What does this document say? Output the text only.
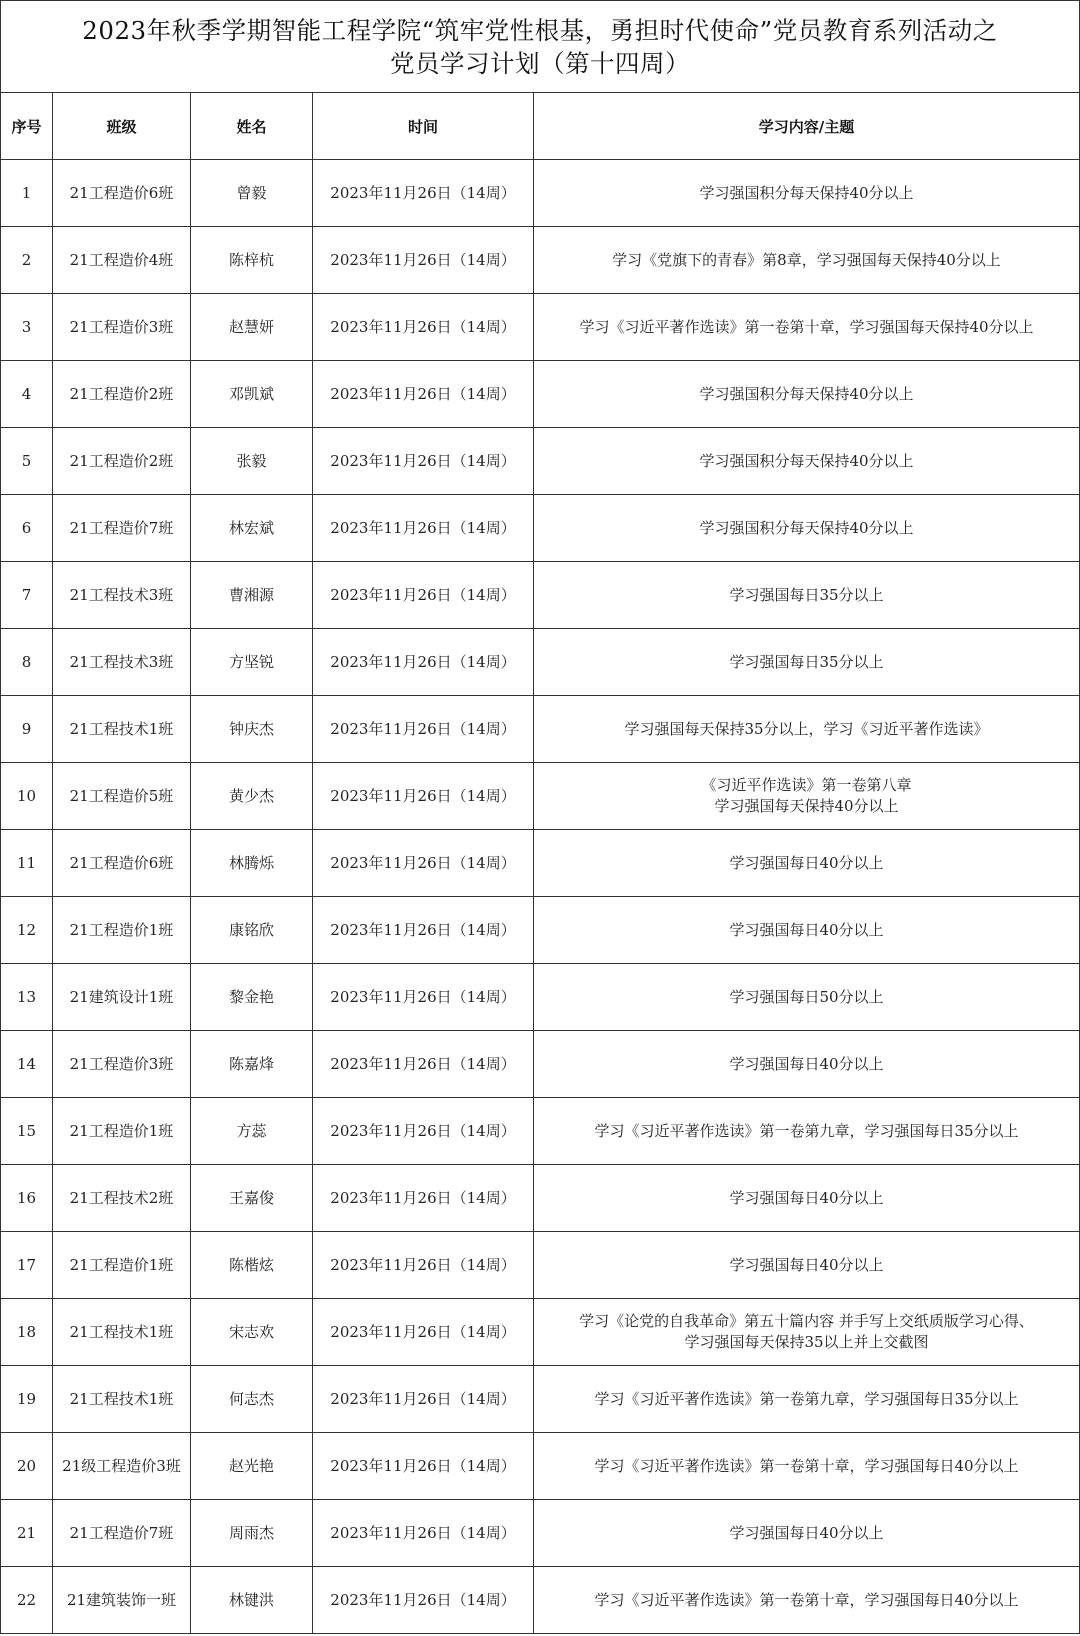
2023年秋季学期智能工程学院“筑牢党性根基，勇担时代使命”党员教育系列活动之
党员学习计划（第十四周）
序号	班级	姓名	时间	学习内容/主题
1	21工程造价6班	曾毅	2023年11月26日（14周）	学习强国积分每天保持40分以上

2	21工程造价4班	陈梓杭	2023年11月26日（14周）	学习《党旗下的青春》第8章，学习强国每天保持40分以上

3	21工程造价3班	赵慧妍	2023年11月26日（14周）	学习《习近平著作选读》第一卷第十章，学习强国每天保持40分以上

4	21工程造价2班	邓凯斌	2023年11月26日（14周）	学习强国积分每天保持40分以上

5	21工程造价2班	张毅	2023年11月26日（14周）	学习强国积分每天保持40分以上

6	21工程造价7班	林宏斌	2023年11月26日（14周）	学习强国积分每天保持40分以上

7	21工程技术3班	曹湘源	2023年11月26日（14周）	学习强国每日35分以上

8	21工程技术3班	方坚锐	2023年11月26日（14周）	学习强国每日35分以上

9	21工程技术1班	钟庆杰	2023年11月26日（14周）	学习强国每天保持35分以上，学习《习近平著作选读》

10	21工程造价5班	黄少杰	2023年11月26日（14周）	《习近平作选读》第一卷第八章
学习强国每天保持40分以上

11	21工程造价6班	林腾烁	2023年11月26日（14周）	学习强国每日40分以上

12	21工程造价1班	康铭欣	2023年11月26日（14周）	学习强国每日40分以上

13	21建筑设计1班	黎金艳	2023年11月26日（14周）	学习强国每日50分以上

14	21工程造价3班	陈嘉烽	2023年11月26日（14周）	学习强国每日40分以上

15	21工程造价1班	方蕊	2023年11月26日（14周）	学习《习近平著作选读》第一卷第九章，学习强国每日35分以上

16	21工程技术2班	王嘉俊	2023年11月26日（14周）	学习强国每日40分以上

17	21工程造价1班	陈楷炫	2023年11月26日（14周）	学习强国每日40分以上

18	21工程技术1班	宋志欢	2023年11月26日（14周）	学习《论党的自我革命》第五十篇内容 并手写上交纸质版学习心得、
学习强国每天保持35以上并上交截图

19	21工程技术1班	何志杰	2023年11月26日（14周）	学习《习近平著作选读》第一卷第九章，学习强国每日35分以上

20	21级工程造价3班	赵光艳	2023年11月26日（14周）	学习《习近平著作选读》第一卷第十章，学习强国每日40分以上

21	21工程造价7班	周雨杰	2023年11月26日（14周）	学习强国每日40分以上

22	21建筑装饰一班	林键洪	2023年11月26日（14周）	学习《习近平著作选读》第一卷第十章，学习强国每日40分以上
